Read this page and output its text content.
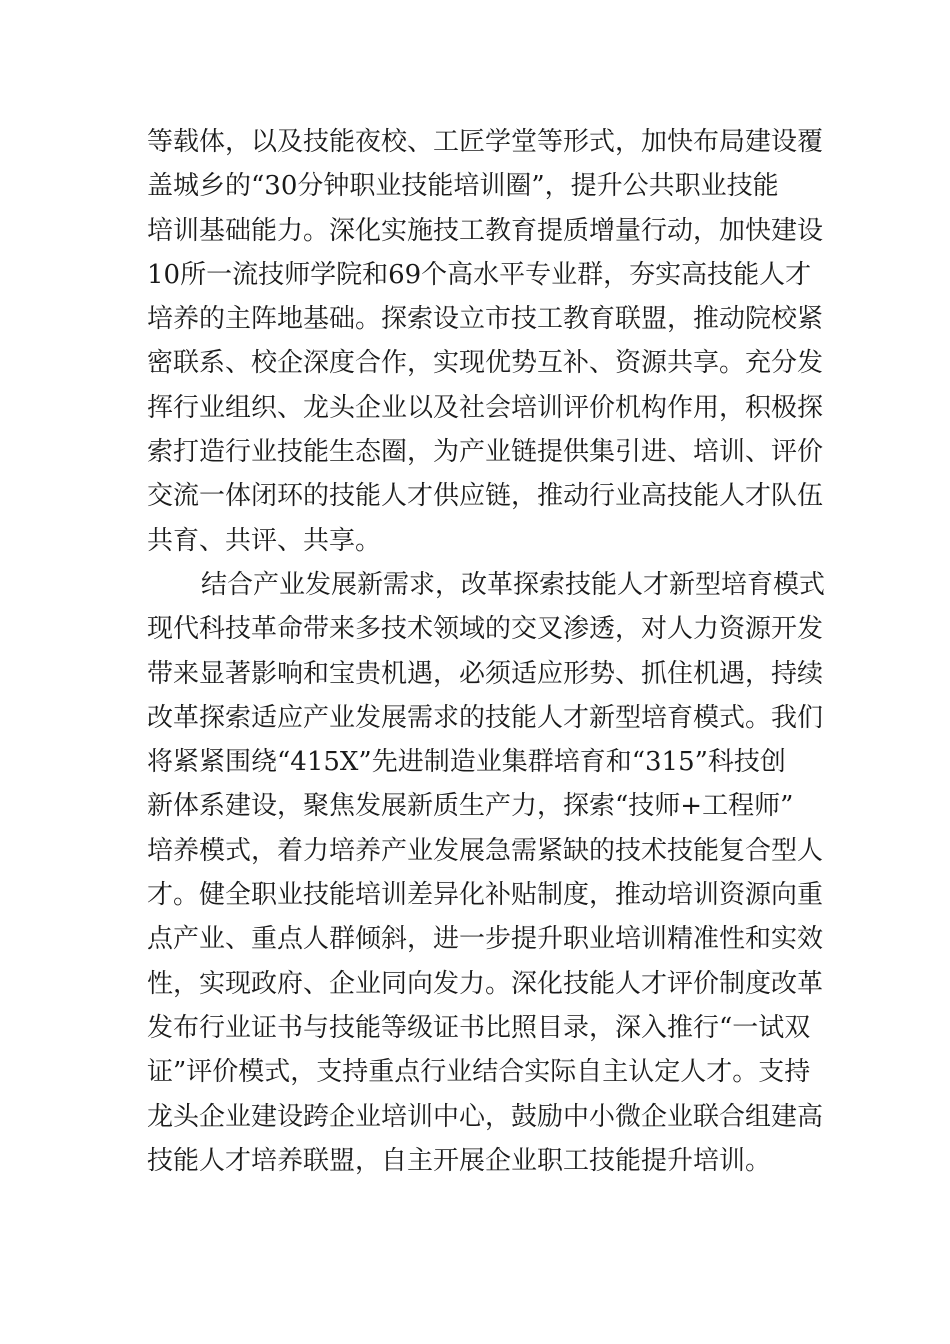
等载体，以及技能夜校、工匠学堂等形式，加快布局建设覆
盖城乡的“30分钟职业技能培训圈”，提升公共职业技能
培训基础能力。深化实施技工教育提质增量行动，加快建设
10所一流技师学院和69个高水平专业群，夯实高技能人才
培养的主阵地基础。探索设立市技工教育联盟，推动院校紧
密联系、校企深度合作，实现优势互补、资源共享。充分发
挥行业组织、龙头企业以及社会培训评价机构作用，积极探
索打造行业技能生态圈，为产业链提供集引进、培训、评价
交流一体闭环的技能人才供应链，推动行业高技能人才队伍
共育、共评、共享。
结合产业发展新需求，改革探索技能人才新型培育模式
现代科技革命带来多技术领域的交叉渗透，对人力资源开发
带来显著影响和宝贵机遇，必须适应形势、抓住机遇，持续
改革探索适应产业发展需求的技能人才新型培育模式。我们
将紧紧围绕“415X”先进制造业集群培育和“315”科技创
新体系建设，聚焦发展新质生产力，探索“技师+工程师”
培养模式，着力培养产业发展急需紧缺的技术技能复合型人
才。健全职业技能培训差异化补贴制度，推动培训资源向重
点产业、重点人群倾斜，进一步提升职业培训精准性和实效
性，实现政府、企业同向发力。深化技能人才评价制度改革
发布行业证书与技能等级证书比照目录，深入推行“一试双
证”评价模式，支持重点行业结合实际自主认定人才。支持
龙头企业建设跨企业培训中心，鼓励中小微企业联合组建高
技能人才培养联盟，自主开展企业职工技能提升培训。
